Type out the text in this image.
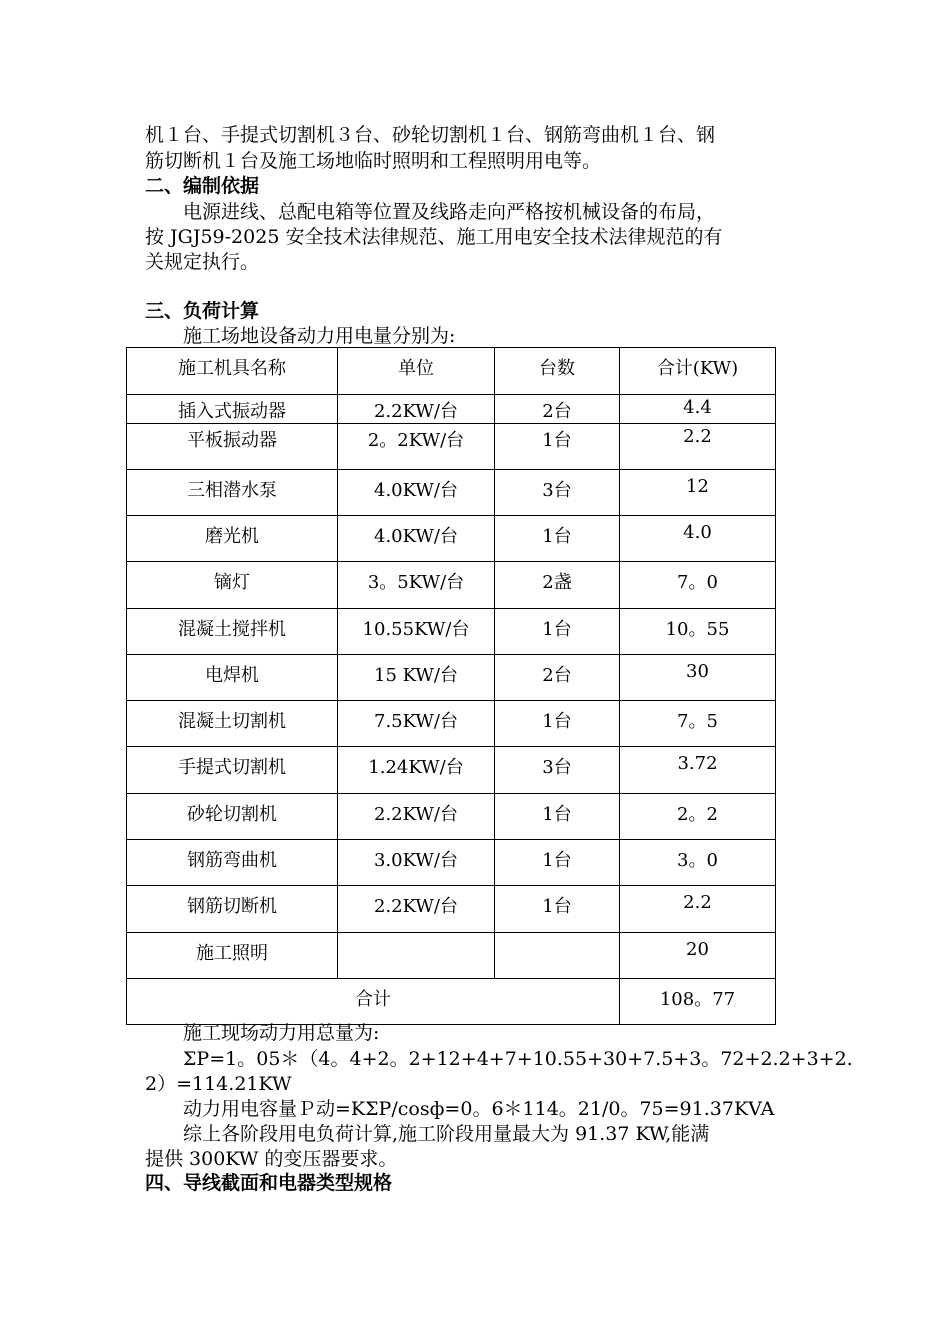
机１台、手提式切割机３台、砂轮切割机１台、钢筋弯曲机１台、钢
筋切断机１台及施工场地临时照明和工程照明用电等。
二、编制依据
　　电源进线、总配电箱等位置及线路走向严格按机械设备的布局，
按 JGJ59-2025 安全技术法律规范、施工用电安全技术法律规范的有
关规定执行。
三、负荷计算
　　施工场地设备动力用电量分别为:
施工机具名称	单位	台数	合计(KW)
插入式振动器	2.2KW/台	2台	4.4
平板振动器	2。2KW/台	1台	2.2
三相潜水泵	4.0KW/台	3台	12
磨光机	4.0KW/台	1台	4.0
镝灯	3。5KW/台	2盏	7。0
混凝土搅拌机	10.55KW/台	1台	10。55
电焊机	15 KW/台	2台	30
混凝土切割机	7.5KW/台	1台	7。5
手提式切割机	1.24KW/台	3台	3.72
砂轮切割机	2.2KW/台	1台	2。2
钢筋弯曲机	3.0KW/台	1台	3。0
钢筋切断机	2.2KW/台	1台	2.2
施工照明			20
合计			108。77
　　施工现场动力用总量为:
　　ΣP=1。05＊（4。4+2。2+12+4+7+10.55+30+7.5+3。72+2.2+3+2.
2）=114.21KW
　　动力用电容量Ｐ动=KΣP/cosф=0。6＊114。21/0。75=91.37KVA
　　综上各阶段用电负荷计算,施工阶段用量最大为 91.37 KW,能满
提供 300KW 的变压器要求。
四、导线截面和电器类型规格
